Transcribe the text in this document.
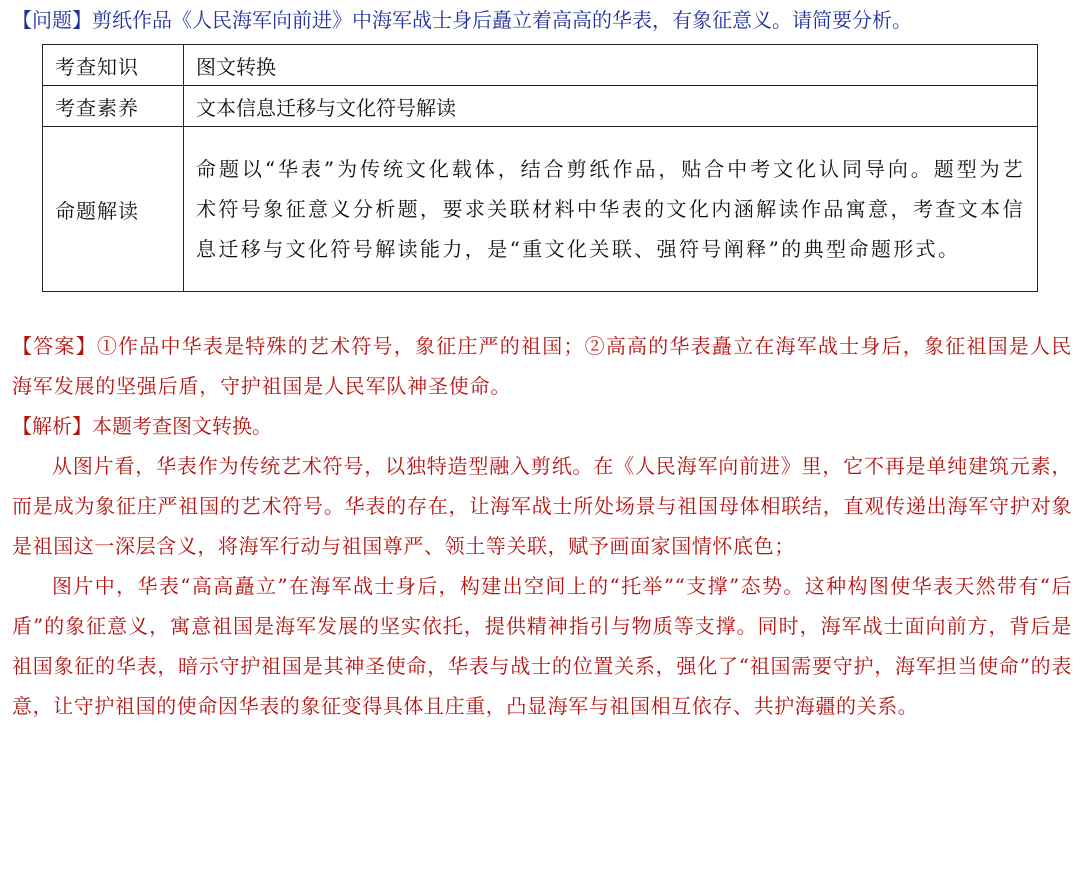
【问题】剪纸作品《人民海军向前进》中海军战士身后矗立着高高的华表，有象征意义。请简要分析。
考查知识	图文转换
考查素养	文本信息迁移与文化符号解读
命题解读	命题以“华表”为传统文化载体，结合剪纸作品，贴合中考文化认同导向。题型为艺术符号象征意义分析题，要求关联材料中华表的文化内涵解读作品寓意，考查文本信息迁移与文化符号解读能力，是“重文化关联、强符号阐释”的典型命题形式。

【答案】①作品中华表是特殊的艺术符号，象征庄严的祖国；②高高的华表矗立在海军战士身后，象征祖国是人民海军发展的坚强后盾，守护祖国是人民军队神圣使命。

【解析】本题考查图文转换。

从图片看，华表作为传统艺术符号，以独特造型融入剪纸。在《人民海军向前进》里，它不再是单纯建筑元素，而是成为象征庄严祖国的艺术符号。华表的存在，让海军战士所处场景与祖国母体相联结，直观传递出海军守护对象是祖国这一深层含义，将海军行动与祖国尊严、领土等关联，赋予画面家国情怀底色；

图片中，华表“高高矗立”在海军战士身后，构建出空间上的“托举”“支撑”态势。这种构图使华表天然带有“后盾”的象征意义，寓意祖国是海军发展的坚实依托，提供精神指引与物质等支撑。同时，海军战士面向前方，背后是祖国象征的华表，暗示守护祖国是其神圣使命，华表与战士的位置关系，强化了“祖国需要守护，海军担当使命”的表意，让守护祖国的使命因华表的象征变得具体且庄重，凸显海军与祖国相互依存、共护海疆的关系。
